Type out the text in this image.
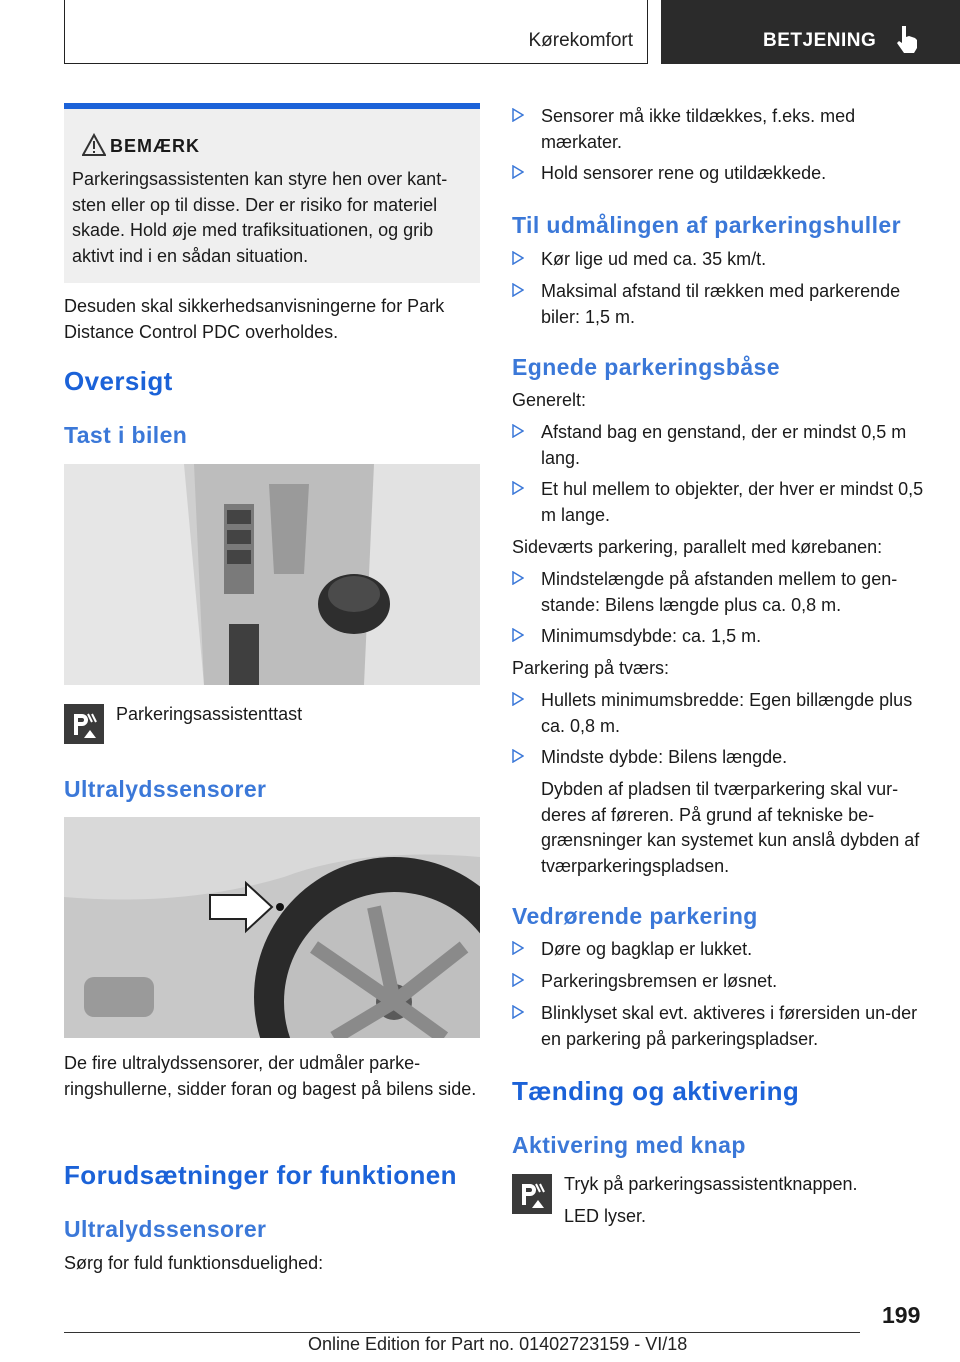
Kørekomfort	BETJENING
BEMÆRK
Parkeringsassistenten kan styre hen over kant-sten eller op til disse. Der er risiko for materiel skade. Hold øje med trafiksituationen, og grib aktivt ind i en sådan situation.
Desuden skal sikkerhedsanvisningerne for Park Distance Control PDC overholdes.
Oversigt
Tast i bilen
Parkeringsassistenttast
Ultralydssensorer
De fire ultralydssensorer, der udmåler parke-ringshullerne, sidder foran og bagest på bilens side.
Forudsætninger for funktionen
Ultralydssensorer
Sørg for fuld funktionsduelighed:
Sensorer må ikke tildækkes, f.eks. med mærkater.
Hold sensorer rene og utildækkede.
Til udmålingen af parkeringshuller
Kør lige ud med ca. 35 km/t.
Maksimal afstand til rækken med parkerende biler: 1,5 m.
Egnede parkeringsbåse
Generelt:
Afstand bag en genstand, der er mindst 0,5 m lang.
Et hul mellem to objekter, der hver er mindst 0,5 m lange.
Sideværts parkering, parallelt med kørebanen:
Mindstelængde på afstanden mellem to gen-stande: Bilens længde plus ca. 0,8 m.
Minimumsdybde: ca. 1,5 m.
Parkering på tværs:
Hullets minimumsbredde: Egen billængde plus ca. 0,8 m.
Mindste dybde: Bilens længde.
Dybden af pladsen til tværparkering skal vur-deres af føreren. På grund af tekniske be-grænsninger kan systemet kun anslå dybden af tværparkeringspladsen.
Vedrørende parkering
Døre og bagklap er lukket.
Parkeringsbremsen er løsnet.
Blinklyset skal evt. aktiveres i førersiden un-der en parkering på parkeringspladser.
Tænding og aktivering
Aktivering med knap
Tryk på parkeringsassistentknappen.
LED lyser.
199
Online Edition for Part no. 01402723159 - VI/18
